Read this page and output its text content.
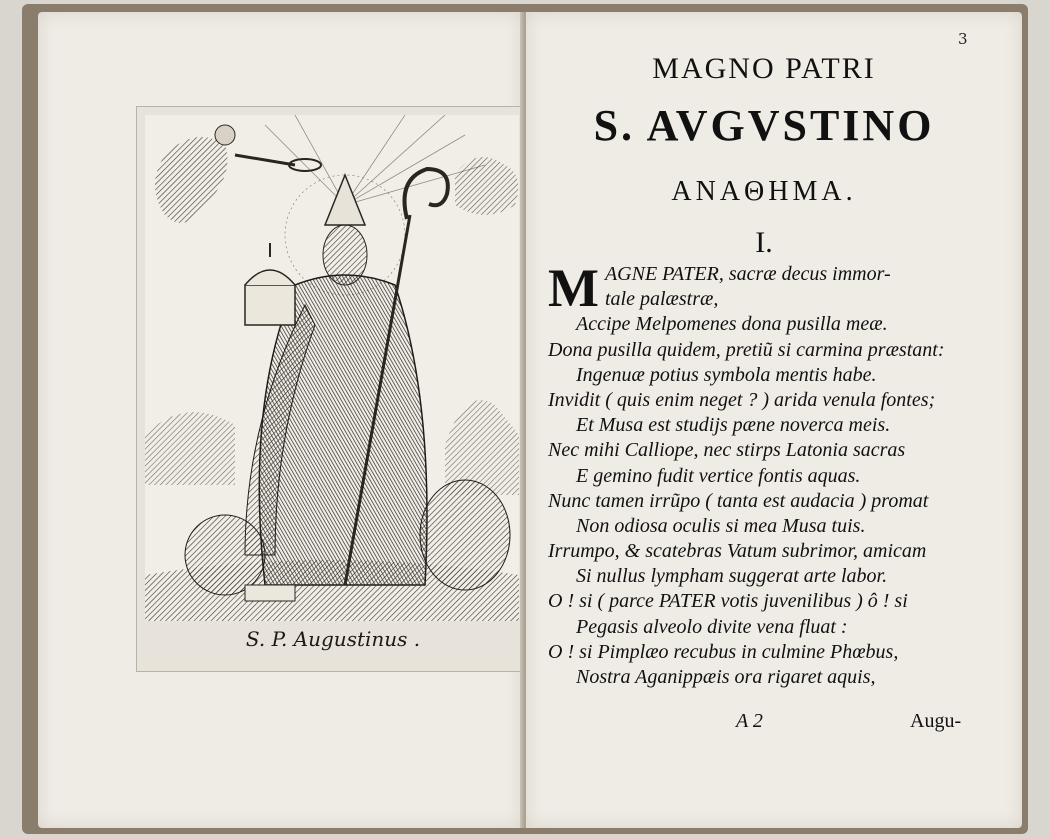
S. P. Augustinus .
3
MAGNO PATRI
S. AVGVSTINO
ANAΘHMA.
I.
M AGNE PATER, sacræ decus immor-
tale palæstræ,
Accipe Melpomenes dona pusilla meæ.
Dona pusilla quidem, pretiũ si carmina præstant:
Ingenuæ potius symbola mentis habe.
Invidit ( quis enim neget ? ) arida venula fontes;
Et Musa est studijs pæne noverca meis.
Nec mihi Calliope, nec stirps Latonia sacras
E gemino fudit vertice fontis aquas.
Nunc tamen irrũpo ( tanta est audacia ) promat
Non odiosa oculis si mea Musa tuis.
Irrumpo, & scatebras Vatum subrimor, amicam
Si nullus lympham suggerat arte labor.
O ! si ( parce PATER votis juvenilibus ) ô ! si
Pegasis alveolo divite vena fluat :
O ! si Pimplæo recubus in culmine Phœbus,
Nostra Aganippæis ora rigaret aquis,
A 2	Augu-
